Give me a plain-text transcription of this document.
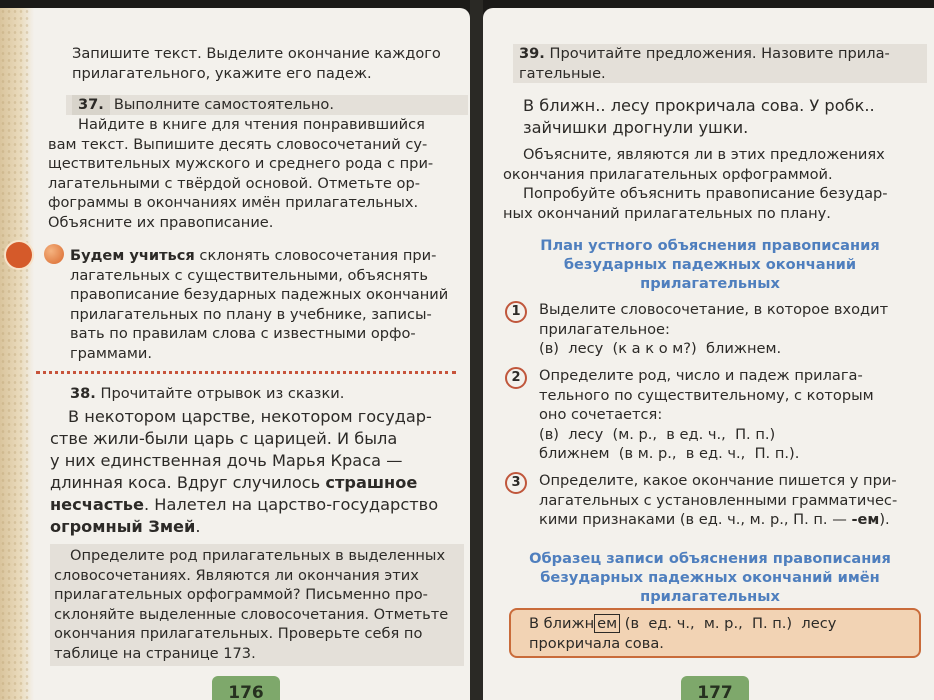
Запишите текст. Выделите окончание каждого

прилагательного, укажите его падеж.

37. Выполните самостоятельно.

Найдите в книге для чтения понравившийся

вам текст. Выпишите десять словосочетаний су-

ществительных мужского и среднего рода с при-

лагательными с твёрдой основой. Отметьте ор-

фограммы в окончаниях имён прилагательных.

Объясните их правописание.

Будем учиться склонять словосочетания при-

лагательных с существительными, объяснять

правописание безударных падежных окончаний

прилагательных по плану в учебнике, записы-

вать по правилам слова с известными орфо-

граммами.

38. Прочитайте отрывок из сказки.

В некотором царстве, некотором государ-

стве жили-были царь с царицей. И была

у них единственная дочь Марья Краса —

длинная коса. Вдруг случилось страшное

несчастье. Налетел на царство-государство

огромный Змей.

Определите род прилагательных в выделенных

словосочетаниях. Являются ли окончания этих

прилагательных орфограммой? Письменно про-

склоняйте выделенные словосочетания. Отметьте

окончания прилагательных. Проверьте себя по

таблице на странице 173.

176

39. Прочитайте предложения. Назовите прила-

гательные.

В ближн.. лесу прокричала сова. У робк..

зайчишки дрогнули ушки.

Объясните, являются ли в этих предложениях

окончания прилагательных орфограммой.

Попробуйте объяснить правописание безудар-

ных окончаний прилагательных по плану.

План устного объяснения правописания
безударных падежных окончаний
прилагательных
1	Выделите словосочетание, в которое входит

прилагательное:

(в)  лесу  (к а к о м?)  ближнем.

2	Определите род, число и падеж прилага-

тельного по существительному, с которым

оно сочетается:

(в)  лесу  (м. р.,  в ед. ч.,  П. п.)

ближнем  (в м. р.,  в ед. ч.,  П. п.).

3	Определите, какое окончание пишется у при-

лагательных с установленными грамматичес-

кими признаками (в ед. ч., м. р., П. п. — -ем).

Образец записи объяснения правописания
безударных падежных окончаний имён
прилагательных

В ближн ем (в  ед. ч.,  м. р.,  П. п.)  лесу

прокричала сова.

177
